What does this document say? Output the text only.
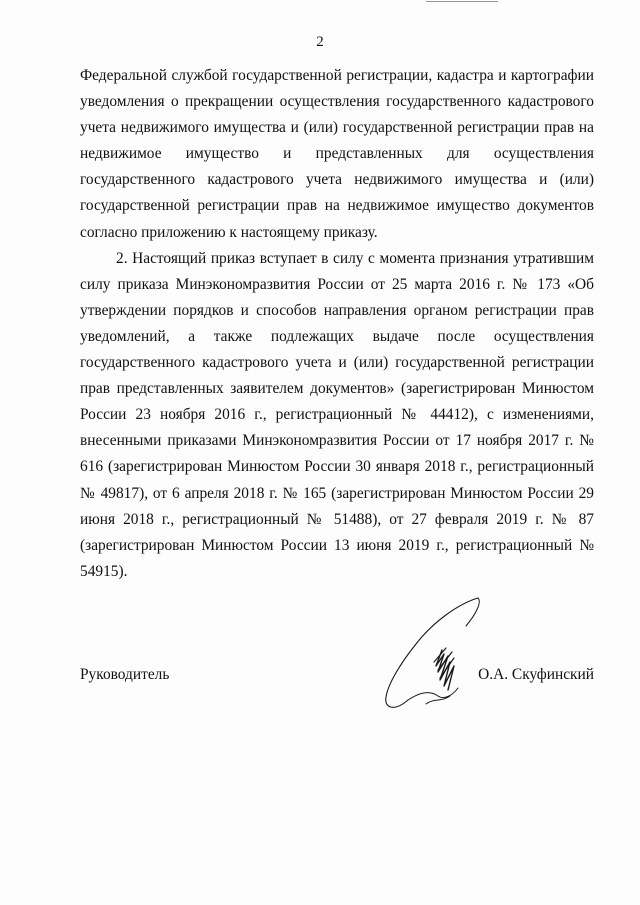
2

Федеральной службой государственной регистрации, кадастра и картографии уведомления о прекращении осуществления государственного кадастрового учета недвижимого имущества и (или) государственной регистрации прав на недвижимое имущество и представленных для осуществления государственного кадастрового учета недвижимого имущества и (или) государственной регистрации прав на недвижимое имущество документов согласно приложению к настоящему приказу.

2. Настоящий приказ вступает в силу с момента признания утратившим силу приказа Минэкономразвития России от 25 марта 2016 г. № 173 «Об утверждении порядков и способов направления органом регистрации прав уведомлений, а также подлежащих выдаче после осуществления государственного кадастрового учета и (или) государственной регистрации прав представленных заявителем документов» (зарегистрирован Минюстом России 23 ноября 2016 г., регистрационный № 44412), с изменениями, внесенными приказами Минэкономразвития России от 17 ноября 2017 г. № 616 (зарегистрирован Минюстом России 30 января 2018 г., регистрационный № 49817), от 6 апреля 2018 г. № 165 (зарегистрирован Минюстом России 29 июня 2018 г., регистрационный № 51488), от 27 февраля 2019 г. № 87 (зарегистрирован Минюстом России 13 июня 2019 г., регистрационный № 54915).

Руководитель	О.А. Скуфинский
